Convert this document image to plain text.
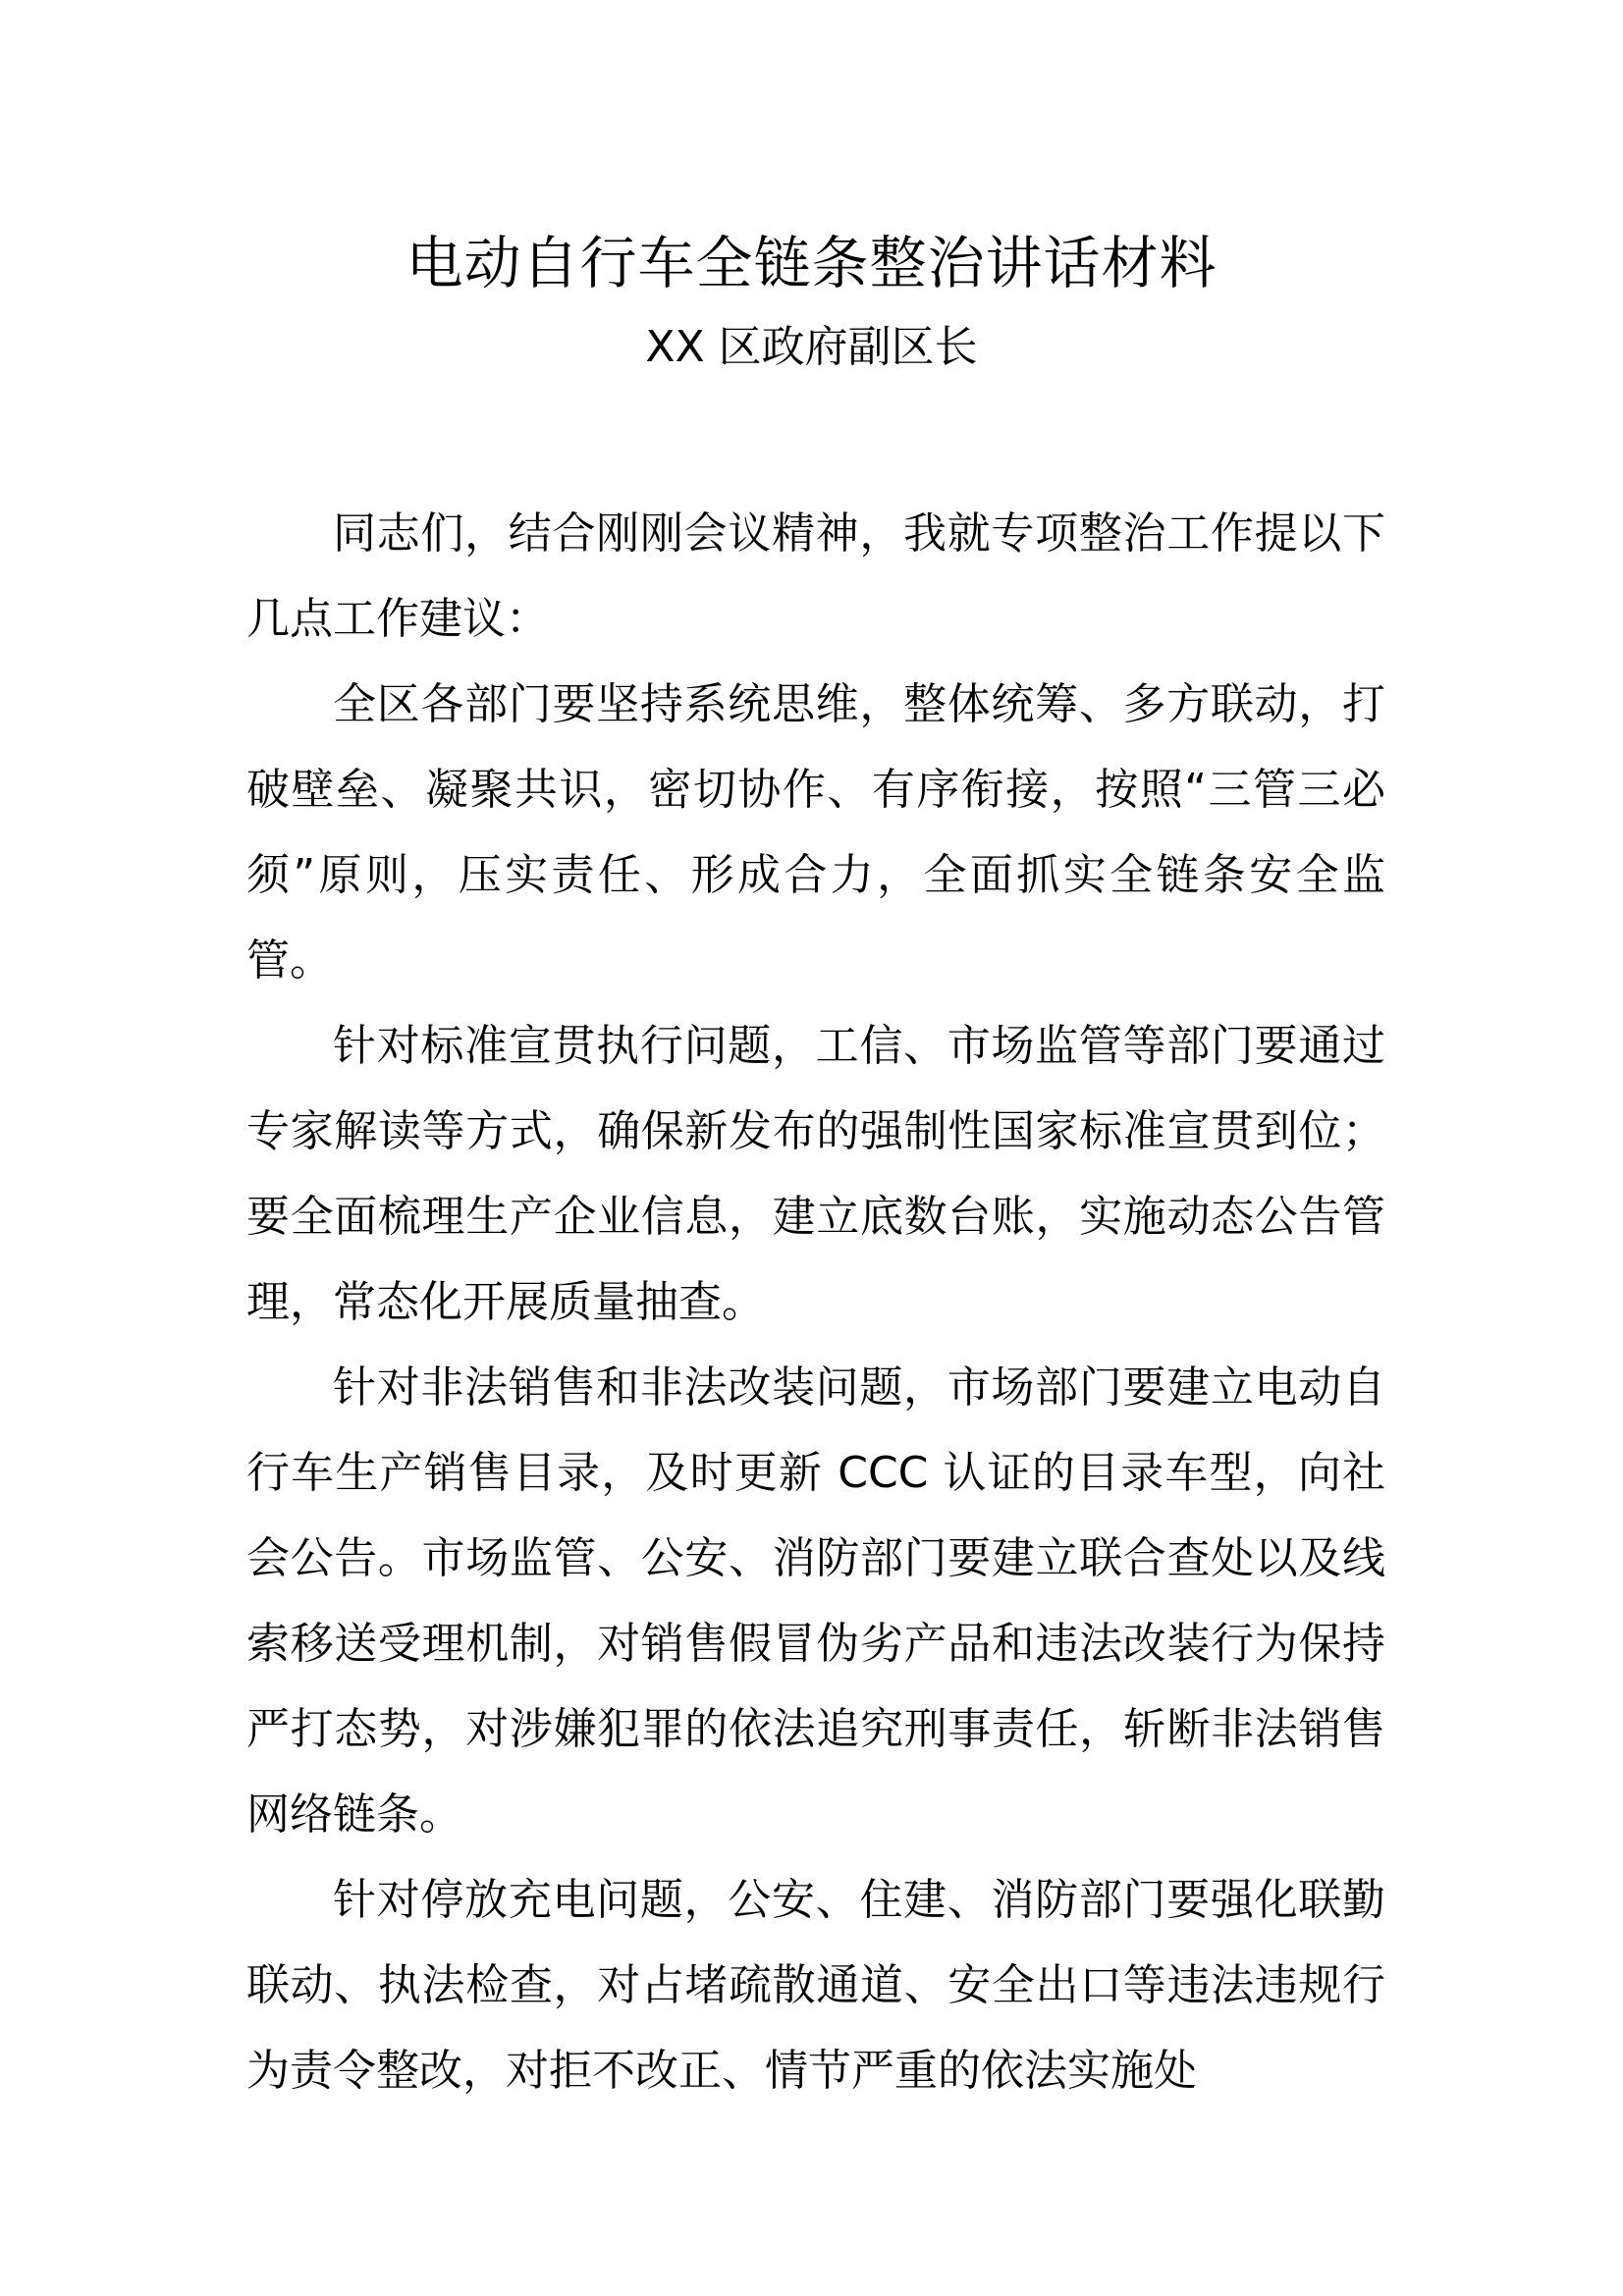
电动自行车全链条整治讲话材料
XX 区政府副区长

同志们，结合刚刚会议精神，我就专项整治工作提以下几点工作建议：

全区各部门要坚持系统思维，整体统筹、多方联动，打破壁垒、凝聚共识，密切协作、有序衔接，按照“三管三必须”原则，压实责任、形成合力，全面抓实全链条安全监管。

针对标准宣贯执行问题，工信、市场监管等部门要通过专家解读等方式，确保新发布的强制性国家标准宣贯到位；要全面梳理生产企业信息，建立底数台账，实施动态公告管理，常态化开展质量抽查。

针对非法销售和非法改装问题，市场部门要建立电动自行车生产销售目录，及时更新 CCC 认证的目录车型，向社会公告。市场监管、公安、消防部门要建立联合查处以及线索移送受理机制，对销售假冒伪劣产品和违法改装行为保持严打态势，对涉嫌犯罪的依法追究刑事责任，斩断非法销售网络链条。

针对停放充电问题，公安、住建、消防部门要强化联勤联动、执法检查，对占堵疏散通道、安全出口等违法违规行为责令整改，对拒不改正、情节严重的依法实施处
